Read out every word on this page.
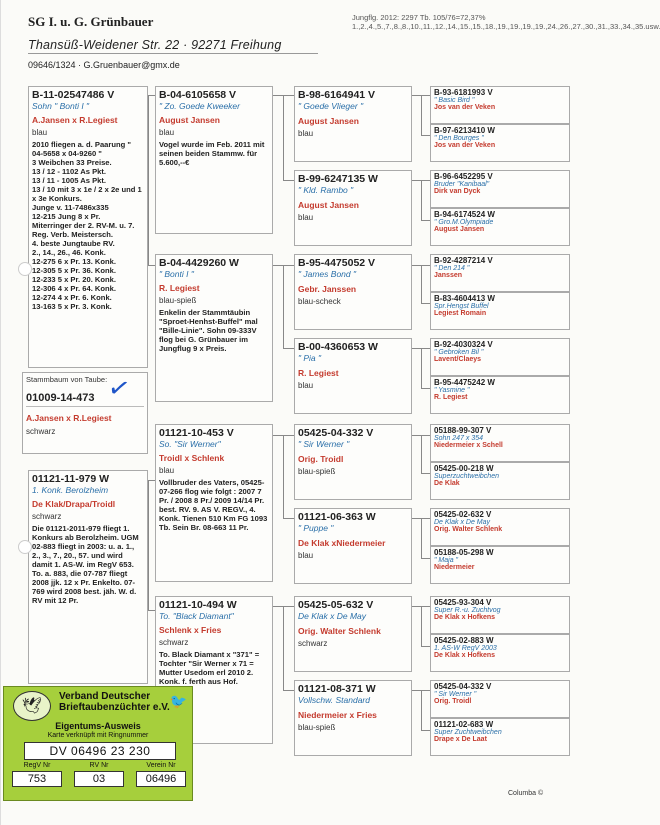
SG I. u. G. Grünbauer
Thansüß-Weidener Str. 22 · 92271 Freihung
09646/1324 · G.Gruenbauer@gmx.de
Jungflg. 2012: 2297 Tb. 105/76=72,37% 1.,2.,4.,5.,7.,8.,8.,10.,11.,12.,14.,15.,15.,18.,19.,19.,19.,19.,24.,26.,27.,30.,31.,33.,34.,35.usw.
B-11-02547486 V
Sohn " Bonti I "
A.Jansen x R.Legiest
blau
2010 fliegen a. d. Paarung " 04-5658 x 04-9260 "
3 Weibchen 33 Preise.
13 / 12 - 1102 As Pkt.
13 / 11 - 1005 As Pkt.
13 / 10 mit 3 x 1e / 2 x 2e und 1 x 3e Konkurs.
Junge v. 11-7486x335
12-215 Jung 8 x Pr.
Miterringer der 2. RV-M. u. 7. Reg. Verb. Meistersch.
4. beste Jungtaube RV.
2., 14., 26., 46. Konk.
12-275 6 x Pr. 13. Konk.
12-305 5 x Pr. 36. Konk.
12-233 5 x Pr. 20. Konk.
12-306 4 x Pr. 64. Konk.
12-274 4 x Pr. 6. Konk.
13-163 5 x Pr. 3. Konk.
Stammbaum von Taube:
01009-14-473
A.Jansen x R.Legiest
schwarz
✓
01121-11-979 W
1. Konk. Berolzheim
De Klak/Drapa/Troidl
schwarz
Die 01121-2011-979 fliegt 1. Konkurs ab Berolzheim. UGM 02-883 fliegt in 2003: u. a. 1., 2., 3., 7., 20., 57. und wird damit 1. AS-W. im RegV 653. To. a. 883, die 07-787 fliegt 2008 jjk. 12 x Pr. Enkelto. 07-769 wird 2008 best. jäh. W. d. RV mit 12 Pr.
B-04-6105658 V
" Zo. Goede Kweeker
August Jansen
blau
Vogel wurde im Feb. 2011 mit seinen beiden Stammw. für 5.600,--€
B-04-4429260 W
" Bonti I "
R. Legiest
blau-spieß
Enkelin der Stammtäubin "Sproet-Henhst-Buffel" mal "Bille-Linie". Sohn 09-333V flog bei G. Grünbauer im Jungflug 9 x Preis.
01121-10-453 V
So. "Sir Werner"
Troidl x Schlenk
blau
Vollbruder des Vaters, 05425-07-266 flog wie folgt : 2007 7 Pr. / 2008 8 Pr./ 2009 14/14 Pr. best. RV. 9. AS V. REGV., 4. Konk. Tienen 510 Km FG 1093 Tb. Sein Br. 08-663 11 Pr.
01121-10-494 W
To. "Black Diamant"
Schlenk x Fries
schwarz
To. Black Diamant x "371" = Tochter "Sir Werner x 71 = Mutter Usedom erl 2010 2. Konk. f. ferth aus Hof.
B-98-6164941 V
" Goede Vlieger "
August Jansen
blau
B-99-6247135 W
" Kld. Rambo "
August Jansen
blau
B-95-4475052 V
" James Bond "
Gebr. Janssen
blau-scheck
B-00-4360653 W
" Pia "
R. Legiest
blau
05425-04-332 V
" Sir Werner "
Orig. Troidl
blau-spieß
01121-06-363 W
" Puppe "
De Klak xNiedermeier
blau
05425-05-632 V
De Klak x De May
Orig. Walter Schlenk
schwarz
01121-08-371 W
Vollschw. Standard
Niedermeier x Fries
blau-spieß
B-93-6181993 V
" Basic Bird "
Jos van der Veken
B-97-6213410 W
" Den Bourges "
Jos van der Veken
B-96-6452295 V
Bruder "Kanibaal"
Dirk van Dyck
B-94-6174524 W
" Gro.M.Olympiade
August Jansen
B-92-4287214 V
" Den 214 "
Janssen
B-83-4604413 W
Spr.Hengst Buffel
Legiest Romain
B-92-4030324 V
" Gebroken Bil "
Lavent/Claeys
B-95-4475242 W
" Yasmine "
R. Legiest
05188-99-307 V
Sohn 247 x 354
Niedermeier x Schell
05425-00-218 W
Superzuchtweibchen
De Klak
05425-02-632 V
De Klak x De May
Orig. Walter Schlenk
05188-05-298 W
" Maja "
Niedermeier
05425-93-304 V
Super R.-u. Zuchtvog
De Klak x Hofkens
05425-02-883 W
1. AS-W RegV 2003
De Klak x Hofkens
05425-04-332 V
" Sir Werner "
Orig. Troidl
01121-02-683 W
Super Zuchtweibchen
Drape x De Laat
🕊
Verband Deutscher Brieftaubenzüchter e.V. 🐦
Eigentums-Ausweis
Karte verknüpft mit Ringnummer
DV 06496 23 230
RegV Nr
753
RV Nr
03
Verein Nr
06496
Columba ©
